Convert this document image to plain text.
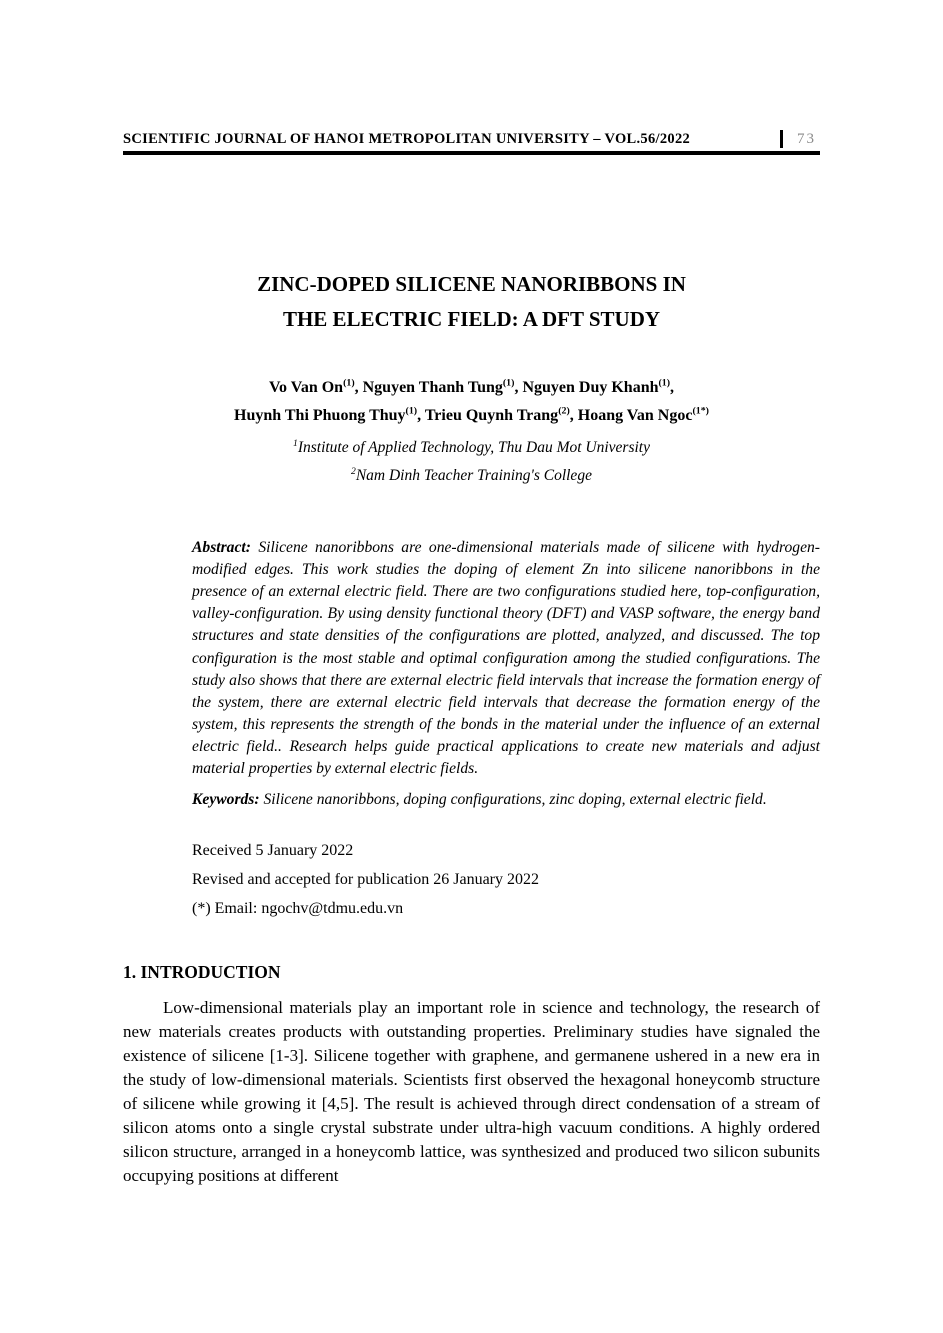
SCIENTIFIC JOURNAL OF HANOI METROPOLITAN UNIVERSITY – VOL.56/2022	73
ZINC-DOPED SILICENE NANORIBBONS IN
THE ELECTRIC FIELD: A DFT STUDY
Vo Van On$^{(1)}$, Nguyen Thanh Tung$^{(1)}$, Nguyen Duy Khanh$^{(1)}$,
Huynh Thi Phuong Thuy$^{(1)}$, Trieu Quynh Trang$^{(2)}$, Hoang Van Ngoc$^{(1*)}$
$^1$Institute of Applied Technology, Thu Dau Mot University
$^2$Nam Dinh Teacher Training's College

Abstract: Silicene nanoribbons are one-dimensional materials made of silicene with hydrogen-modified edges. This work studies the doping of element Zn into silicene nanoribbons in the presence of an external electric field. There are two configurations studied here, top-configuration, valley-configuration. By using density functional theory (DFT) and VASP software, the energy band structures and state densities of the configurations are plotted, analyzed, and discussed. The top configuration is the most stable and optimal configuration among the studied configurations. The study also shows that there are external electric field intervals that increase the formation energy of the system, there are external electric field intervals that decrease the formation energy of the system, this represents the strength of the bonds in the material under the influence of an external electric field.. Research helps guide practical applications to create new materials and adjust material properties by external electric fields.

Keywords: Silicene nanoribbons, doping configurations, zinc doping, external electric field.

Received 5 January 2022

Revised and accepted for publication 26 January 2022

(*) Email: ngochv@tdmu.edu.vn

1. INTRODUCTION

Low-dimensional materials play an important role in science and technology, the research of new materials creates products with outstanding properties. Preliminary studies have signaled the existence of silicene [1-3]. Silicene together with graphene, and germanene ushered in a new era in the study of low-dimensional materials. Scientists first observed the hexagonal honeycomb structure of silicene while growing it [4,5]. The result is achieved through direct condensation of a stream of silicon atoms onto a single crystal substrate under ultra-high vacuum conditions. A highly ordered silicon structure, arranged in a honeycomb lattice, was synthesized and produced two silicon subunits occupying positions at different
